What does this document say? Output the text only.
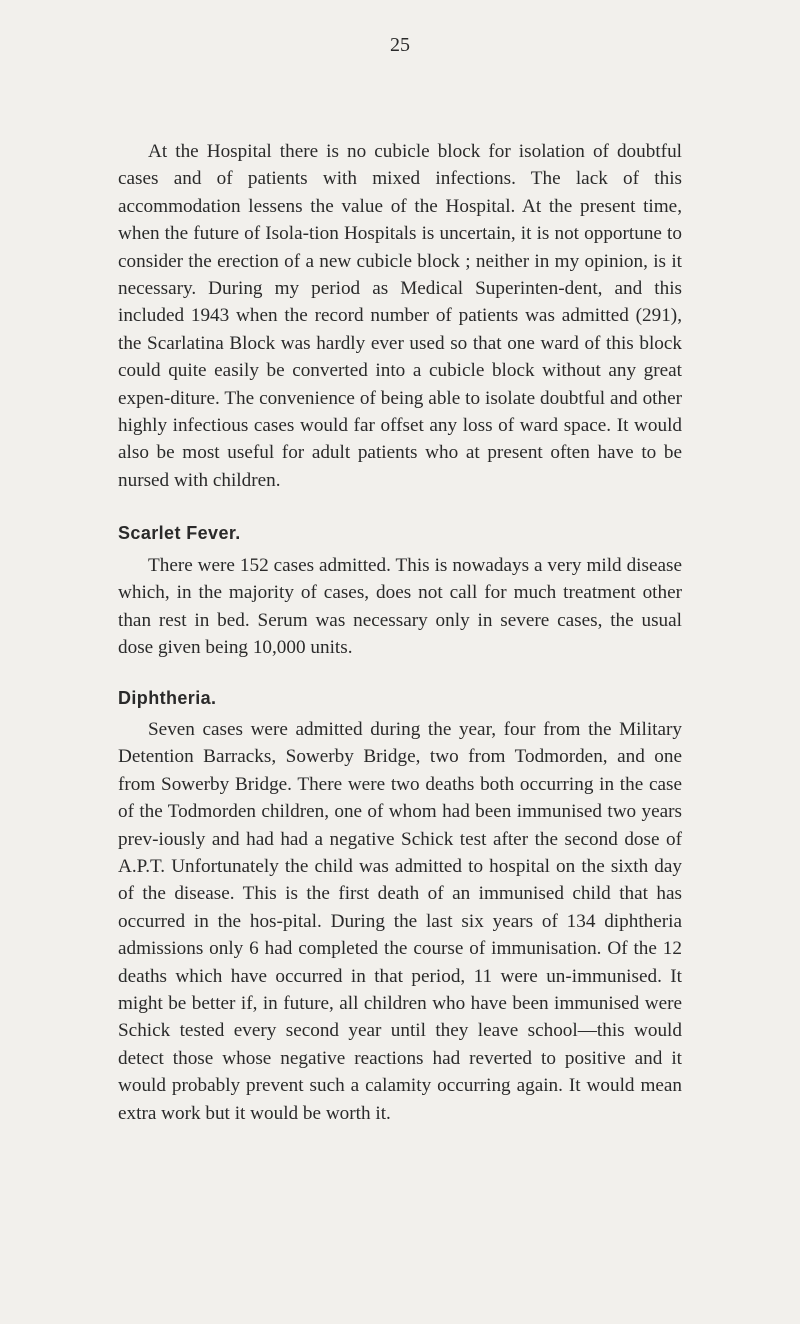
25

At the Hospital there is no cubicle block for isolation of doubtful cases and of patients with mixed infections. The lack of this accommodation lessens the value of the Hospital. At the present time, when the future of Isola-tion Hospitals is uncertain, it is not opportune to consider the erection of a new cubicle block ; neither in my opinion, is it necessary. During my period as Medical Superinten-dent, and this included 1943 when the record number of patients was admitted (291), the Scarlatina Block was hardly ever used so that one ward of this block could quite easily be converted into a cubicle block without any great expen-diture. The convenience of being able to isolate doubtful and other highly infectious cases would far offset any loss of ward space. It would also be most useful for adult patients who at present often have to be nursed with children.

Scarlet Fever.

There were 152 cases admitted. This is nowadays a very mild disease which, in the majority of cases, does not call for much treatment other than rest in bed. Serum was necessary only in severe cases, the usual dose given being 10,000 units.

Diphtheria.

Seven cases were admitted during the year, four from the Military Detention Barracks, Sowerby Bridge, two from Todmorden, and one from Sowerby Bridge. There were two deaths both occurring in the case of the Todmorden children, one of whom had been immunised two years prev-iously and had had a negative Schick test after the second dose of A.P.T. Unfortunately the child was admitted to hospital on the sixth day of the disease. This is the first death of an immunised child that has occurred in the hos-pital. During the last six years of 134 diphtheria admissions only 6 had completed the course of immunisation. Of the 12 deaths which have occurred in that period, 11 were un-immunised. It might be better if, in future, all children who have been immunised were Schick tested every second year until they leave school—this would detect those whose negative reactions had reverted to positive and it would probably prevent such a calamity occurring again. It would mean extra work but it would be worth it.
